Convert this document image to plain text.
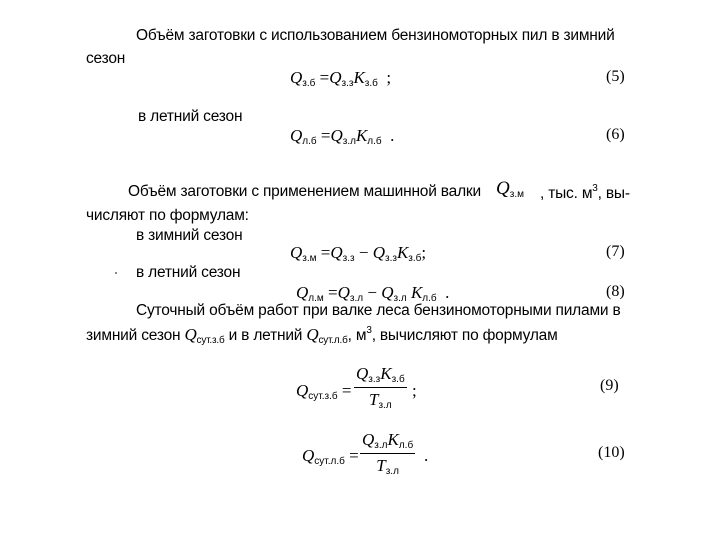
Объём заготовки с использованием бензиномоторных пил в зимний
сезон
$Q_{з.б} =Q_{з.з}K_{з.б}$ ;	(5)
в летний сезон
$Q_{л.б} =Q_{з.л}K_{л.б}$ .	(6)
Объём заготовки с применением машинной валки $Q_{з.м}$ , тыс. $м^3$, вы-
числяют по формулам:
в зимний сезон
$Q_{з.м} =Q_{з.з} - Q_{з.з}K_{з.б}$;	(7)
в летний сезон
$Q_{л.м} =Q_{з.л} - Q_{з.л}$ $K_{л.б}$ .	(8)
Суточный объём работ при валке леса бензиномоторными пилами в
зимний сезон $Q_{сут.з.б}$ и в летний $Q_{сут.л.б}$, $м^3$, вычисляют по формулам
$Q_{сут.з.б}$ =
$Q_{з.з}K_{з.б}$
$T_{з.л}$
;	(9)
$Q_{сут.л.б}$ =
$Q_{з.л}K_{л.б}$
$T_{з.л}$
.	(10)
